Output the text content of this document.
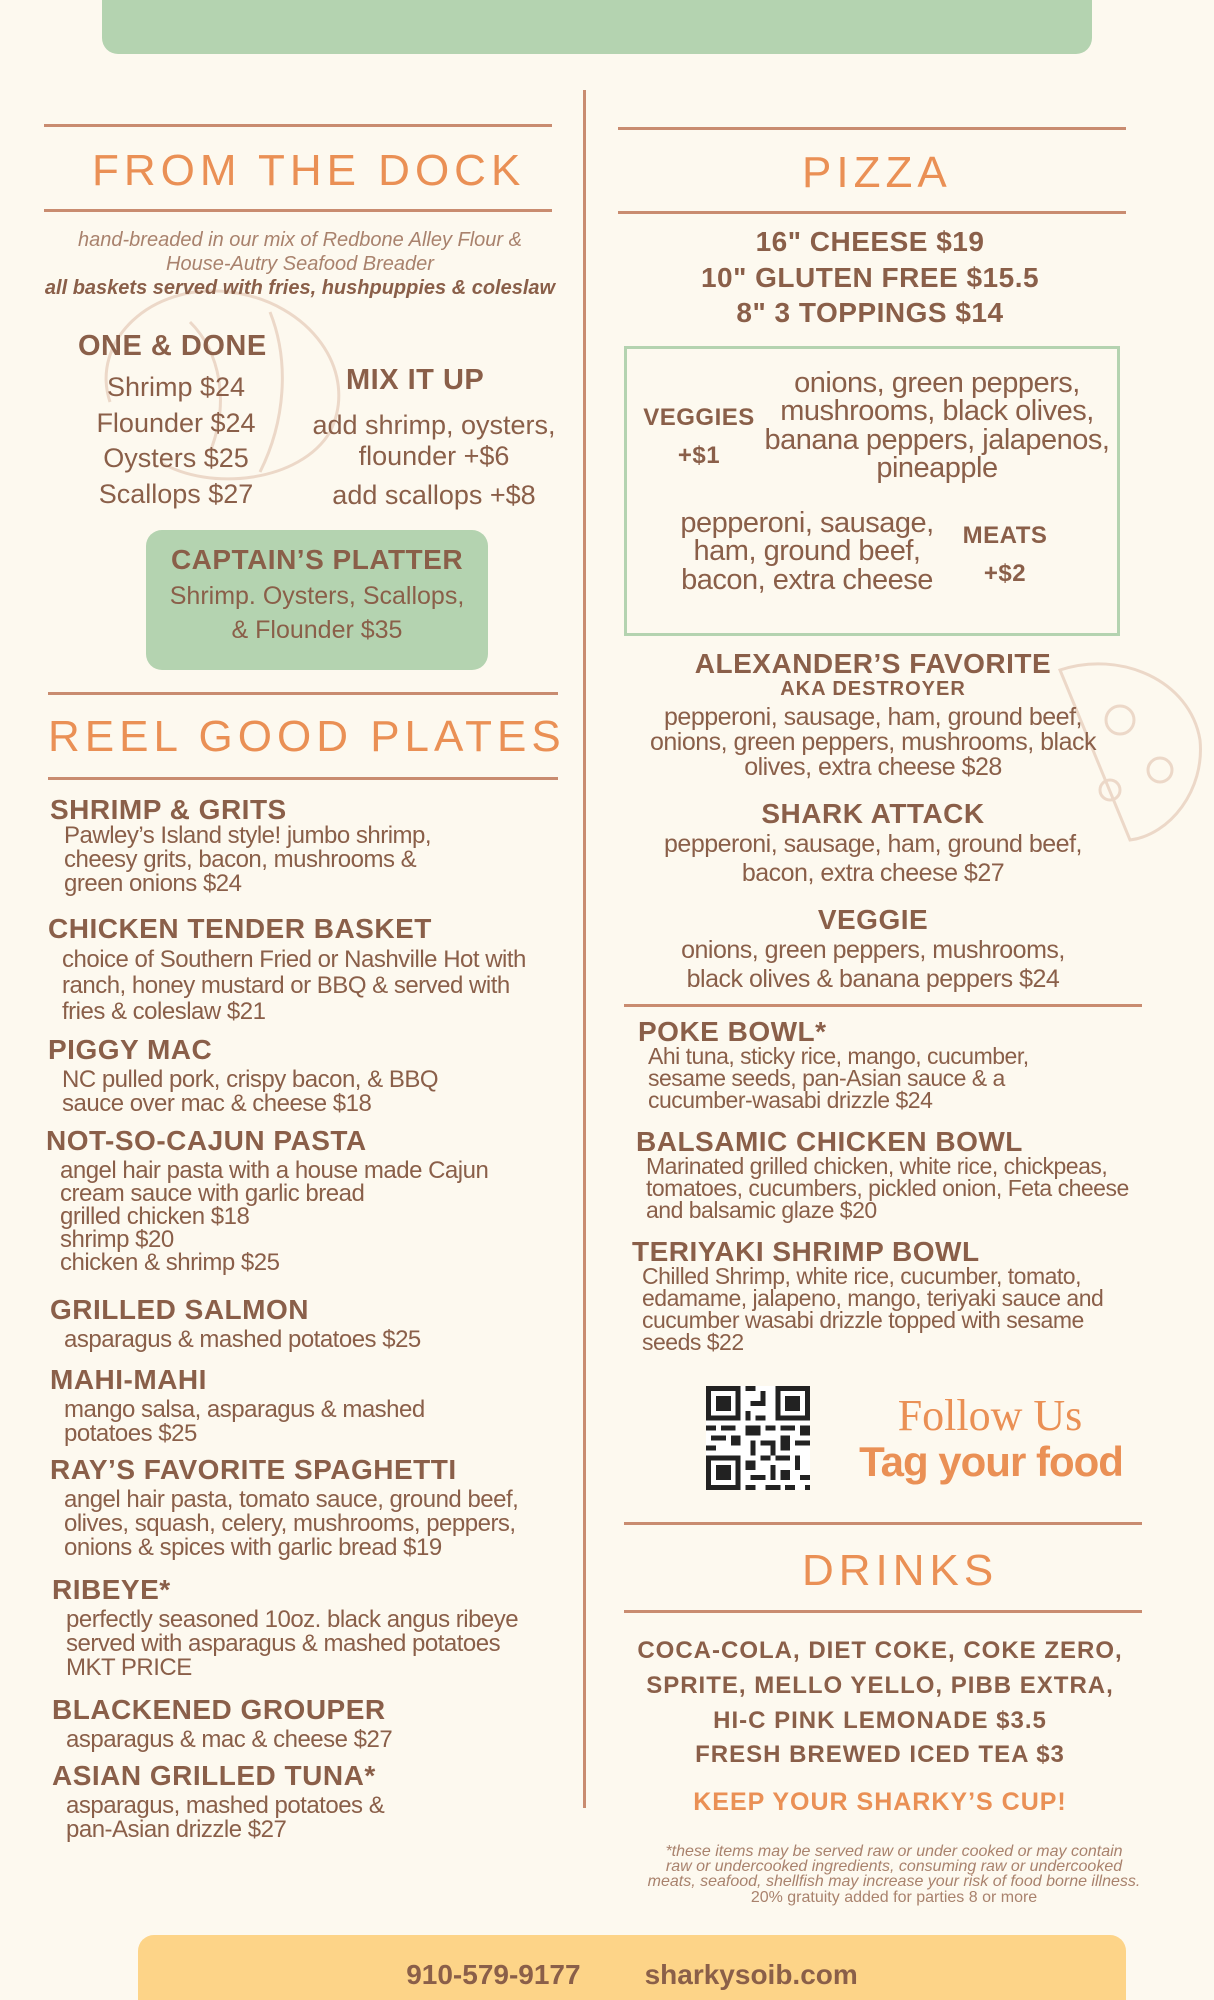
FROM THE DOCK
hand-breaded in our mix of Redbone Alley Flour &
House-Autry Seafood Breader
all baskets served with fries, hushpuppies & coleslaw
ONE & DONE
Shrimp $24
Flounder $24
Oysters $25
Scallops $27
MIX IT UP
add shrimp, oysters,
flounder +$6
add scallops +$8
CAPTAIN’S PLATTER
Shrimp. Oysters, Scallops,
& Flounder $35
REEL GOOD PLATES
SHRIMP & GRITS
Pawley’s Island style! jumbo shrimp,
cheesy grits, bacon, mushrooms &
green onions $24
CHICKEN TENDER BASKET
choice of Southern Fried or Nashville Hot with
ranch, honey mustard or BBQ & served with
fries & coleslaw $21
PIGGY MAC
NC pulled pork, crispy bacon, & BBQ
sauce over mac & cheese $18
NOT-SO-CAJUN PASTA
angel hair pasta with a house made Cajun
cream sauce with garlic bread
grilled chicken $18
shrimp $20
chicken & shrimp $25
GRILLED SALMON
asparagus & mashed potatoes $25
MAHI-MAHI
mango salsa, asparagus & mashed
potatoes $25
RAY’S FAVORITE SPAGHETTI
angel hair pasta, tomato sauce, ground beef,
olives, squash, celery, mushrooms, peppers,
onions & spices with garlic bread $19
RIBEYE*
perfectly seasoned 10oz. black angus ribeye
served with asparagus & mashed potatoes
MKT PRICE
BLACKENED GROUPER
asparagus & mac & cheese $27
ASIAN GRILLED TUNA*
asparagus, mashed potatoes &
pan-Asian drizzle $27
PIZZA
16" CHEESE $19
10" GLUTEN FREE $15.5
8" 3 TOPPINGS $14
VEGGIES
+$1
onions, green peppers,
mushrooms, black olives,
banana peppers, jalapenos,
pineapple
pepperoni, sausage,
ham, ground beef,
bacon, extra cheese
MEATS
+$2
ALEXANDER’S FAVORITE
AKA DESTROYER
pepperoni, sausage, ham, ground beef,
onions, green peppers, mushrooms, black
olives, extra cheese $28
SHARK ATTACK
pepperoni, sausage, ham, ground beef,
bacon, extra cheese $27
VEGGIE
onions, green peppers, mushrooms,
black olives & banana peppers $24
POKE BOWL*
Ahi tuna, sticky rice, mango, cucumber,
sesame seeds, pan-Asian sauce & a
cucumber-wasabi drizzle $24
BALSAMIC CHICKEN BOWL
Marinated grilled chicken, white rice, chickpeas,
tomatoes, cucumbers, pickled onion, Feta cheese
and balsamic glaze $20
TERIYAKI SHRIMP BOWL
Chilled Shrimp, white rice, cucumber, tomato,
edamame, jalapeno, mango, teriyaki sauce and
cucumber wasabi drizzle topped with sesame
seeds $22
Follow Us
Tag your food
DRINKS
COCA-COLA, DIET COKE, COKE ZERO,
SPRITE, MELLO YELLO, PIBB EXTRA,
HI-C PINK LEMONADE $3.5
FRESH BREWED ICED TEA $3
KEEP YOUR SHARKY’S CUP!
*these items may be served raw or under cooked or may contain
raw or undercooked ingredients, consuming raw or undercooked
meats, seafood, shellfish may increase your risk of food borne illness.
20% gratuity added for parties 8 or more
910-579-9177 sharkysoib.com
